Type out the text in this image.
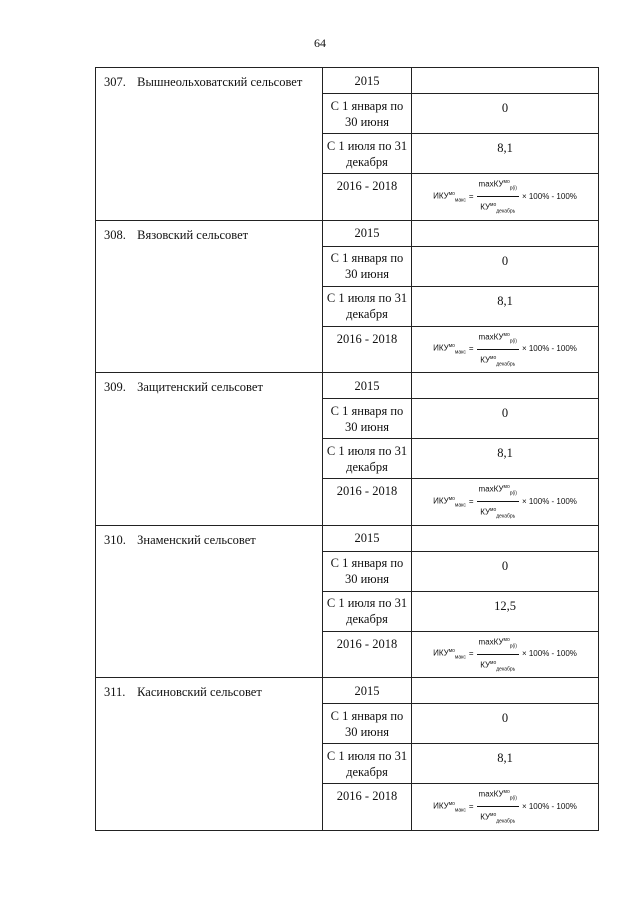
64
307. Вышнеольховатский сельсовет	2015	
	С 1 января по 30 июня	0
	С 1 июля по 31 декабря	8,1
	2016 - 2018	$ИКУ^{мо}_{макс} = \frac{\max КУ^{мо}_{р(i)}}{КУ^{мо}_{декабрь}} \times 100\% - 100\%$

308. Вязовский сельсовет	2015	
	С 1 января по 30 июня	0
	С 1 июля по 31 декабря	8,1
	2016 - 2018	$ИКУ^{мо}_{макс} = \frac{\max КУ^{мо}_{р(i)}}{КУ^{мо}_{декабрь}} \times 100\% - 100\%$

309. Защитенский сельсовет	2015	
	С 1 января по 30 июня	0
	С 1 июля по 31 декабря	8,1
	2016 - 2018	$ИКУ^{мо}_{макс} = \frac{\max КУ^{мо}_{р(i)}}{КУ^{мо}_{декабрь}} \times 100\% - 100\%$

310. Знаменский сельсовет	2015	
	С 1 января по 30 июня	0
	С 1 июля по 31 декабря	12,5
	2016 - 2018	$ИКУ^{мо}_{макс} = \frac{\max КУ^{мо}_{р(i)}}{КУ^{мо}_{декабрь}} \times 100\% - 100\%$

311. Касиновский сельсовет	2015	
	С 1 января по 30 июня	0
	С 1 июля по 31 декабря	8,1
	2016 - 2018	$ИКУ^{мо}_{макс} = \frac{\max КУ^{мо}_{р(i)}}{КУ^{мо}_{декабрь}} \times 100\% - 100\%$
